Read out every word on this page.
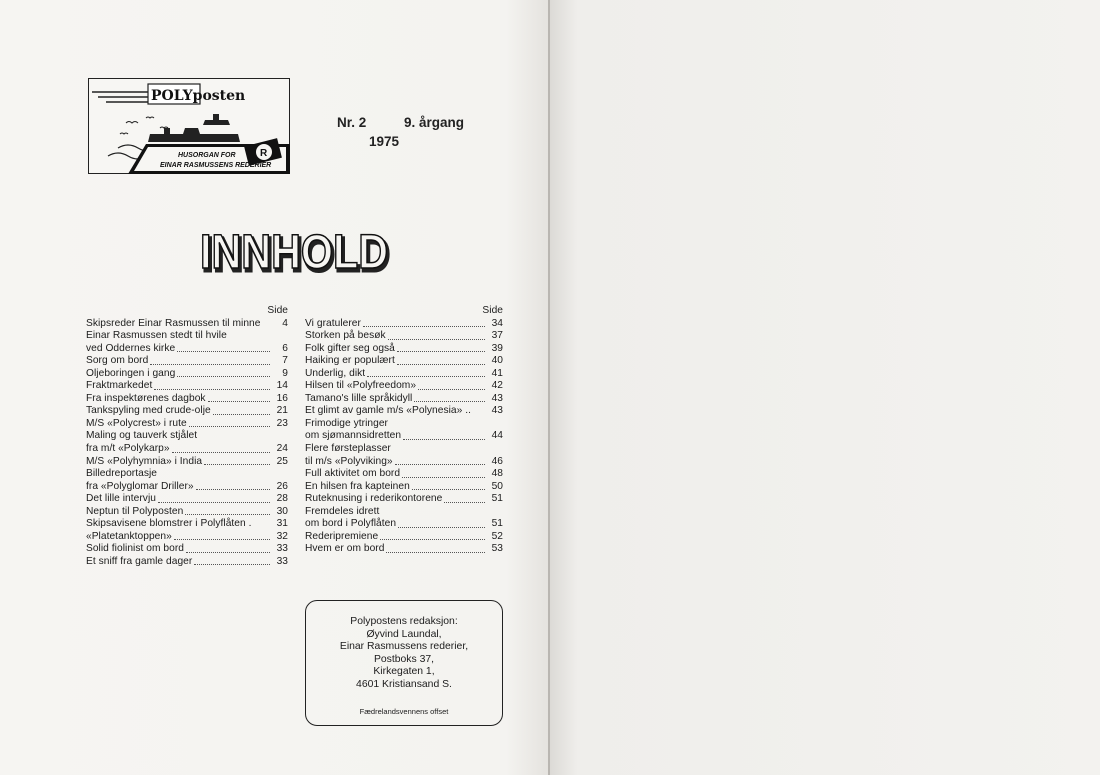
POLYposten
HUSORGAN FOR
EINAR RASMUSSENS REDERIER
R
Nr. 2	9. årgang
1975
INNHOLD
INNHOLD
Side
Skipsreder Einar Rasmussen til minne	4
Einar Rasmussen stedt til hvile
ved Oddernes kirke	6
Sorg om bord	7
Oljeboringen i gang	9
Fraktmarkedet	14
Fra inspektørenes dagbok	16
Tankspyling med crude-olje	21
M/S «Polycrest» i rute	23
Maling og tauverk stjålet
fra m/t «Polykarp»	24
M/S «Polyhymnia» i India	25
Billedreportasje
fra «Polyglomar Driller»	26
Det lille intervju	28
Neptun til Polyposten	30
Skipsavisene blomstrer i Polyflåten .	31
«Platetanktoppen»	32
Solid fiolinist om bord	33
Et sniff fra gamle dager	33
Side
Vi gratulerer	34
Storken på besøk	37
Folk gifter seg også	39
Haiking er populært	40
Underlig, dikt	41
Hilsen til «Polyfreedom»	42
Tamano's lille språkidyll	43
Et glimt av gamle m/s «Polynesia» ..	43
Frimodige ytringer
om sjømannsidretten	44
Flere førsteplasser
til m/s «Polyviking»	46
Full aktivitet om bord	48
En hilsen fra kapteinen	50
Ruteknusing i rederikontorene	51
Fremdeles idrett
om bord i Polyflåten	51
Rederipremiene	52
Hvem er om bord	53
Polypostens redaksjon:
Øyvind Laundal,
Einar Rasmussens rederier,
Postboks 37,
Kirkegaten 1,
4601 Kristiansand S.
Fædrelandsvennens offset
